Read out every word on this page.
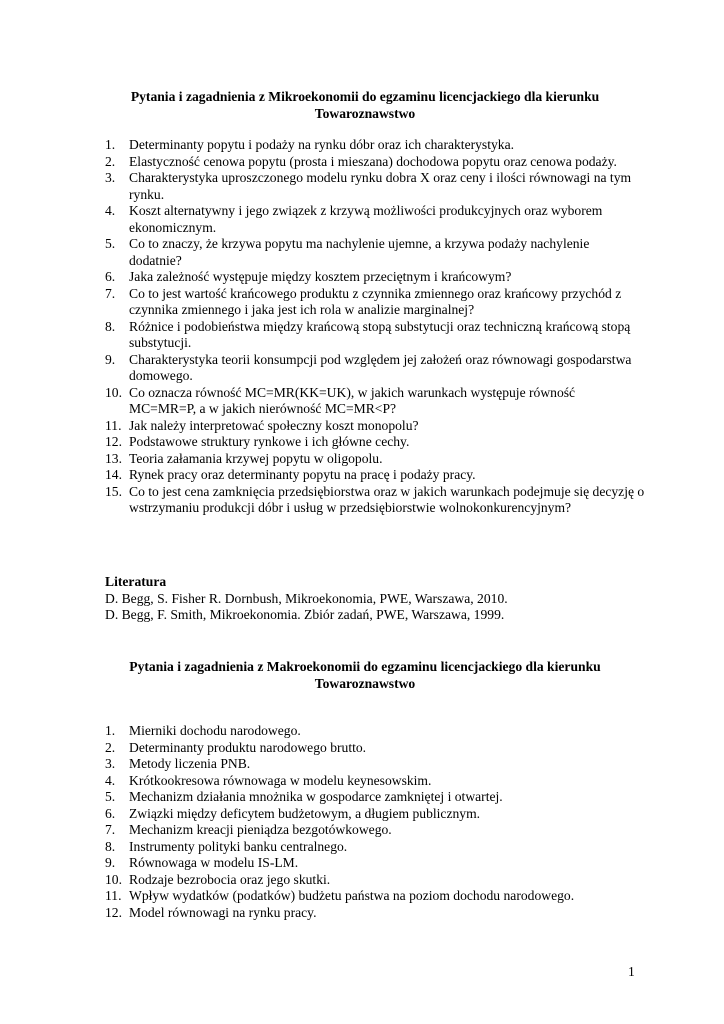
Pytania i zagadnienia z Mikroekonomii do egzaminu licencjackiego dla kierunku
Towaroznawstwo
1. Determinanty popytu i podaży na rynku dóbr oraz ich charakterystyka.
2. Elastyczność cenowa popytu (prosta i mieszana) dochodowa popytu oraz cenowa podaży.
3. Charakterystyka uproszczonego modelu rynku dobra X oraz ceny i ilości równowagi na tym rynku.
4. Koszt alternatywny i jego związek z krzywą możliwości produkcyjnych oraz wyborem ekonomicznym.
5. Co to znaczy, że krzywa popytu ma nachylenie ujemne, a krzywa podaży nachylenie dodatnie?
6. Jaka zależność występuje między kosztem przeciętnym i krańcowym?
7. Co to jest wartość krańcowego produktu z czynnika zmiennego oraz krańcowy przychód z czynnika zmiennego i jaka jest ich rola w analizie marginalnej?
8. Różnice i podobieństwa między krańcową stopą substytucji oraz techniczną krańcową stopą substytucji.
9. Charakterystyka teorii konsumpcji pod względem jej założeń oraz równowagi gospodarstwa domowego.
10. Co oznacza równość MC=MR(KK=UK), w jakich warunkach występuje równość MC=MR=P, a w jakich nierówność MC=MR<P?
11. Jak należy interpretować społeczny koszt monopolu?
12. Podstawowe struktury rynkowe i ich główne cechy.
13. Teoria załamania krzywej popytu w oligopolu.
14. Rynek pracy oraz determinanty popytu na pracę i podaży pracy.
15. Co to jest cena zamknięcia przedsiębiorstwa oraz w jakich warunkach podejmuje się decyzję o wstrzymaniu produkcji dóbr i usług w przedsiębiorstwie wolnokonkurencyjnym?
Literatura
D. Begg, S. Fisher R. Dornbush, Mikroekonomia, PWE, Warszawa, 2010.
D. Begg, F. Smith, Mikroekonomia. Zbiór zadań, PWE, Warszawa, 1999.
Pytania i zagadnienia z Makroekonomii do egzaminu licencjackiego dla kierunku
Towaroznawstwo
1. Mierniki dochodu narodowego.
2. Determinanty produktu narodowego brutto.
3. Metody liczenia PNB.
4. Krótkookresowa równowaga w modelu keynesowskim.
5. Mechanizm działania mnożnika w gospodarce zamkniętej i otwartej.
6. Związki między deficytem budżetowym, a długiem publicznym.
7. Mechanizm kreacji pieniądza bezgotówkowego.
8. Instrumenty polityki banku centralnego.
9. Równowaga w modelu IS-LM.
10. Rodzaje bezrobocia oraz jego skutki.
11. Wpływ wydatków (podatków) budżetu państwa na poziom dochodu narodowego.
12. Model równowagi na rynku pracy.
1
